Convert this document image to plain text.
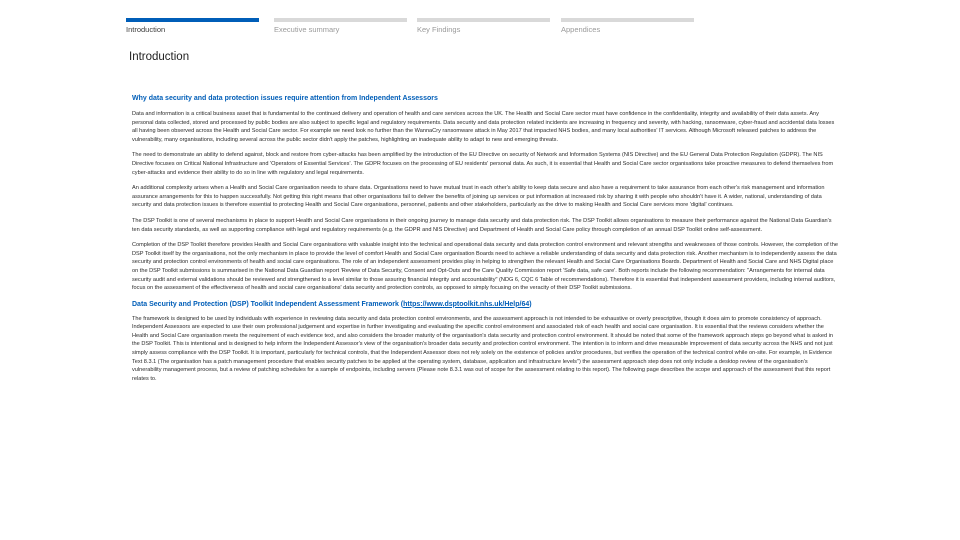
Introduction	Executive summary	Key Findings	Appendices
Introduction
Why data security and data protection issues require attention from Independent Assessors

Data and information is a critical business asset that is fundamental to the continued delivery and operation of health and care services across the UK. The Health and Social Care sector must have confidence in the confidentiality, integrity and availability of their data assets. Any personal data collected, stored and processed by public bodies are also subject to specific legal and regulatory requirements. Data security and data protection related incidents are increasing in frequency and severity, with hacking, ransomware, cyber-fraud and accidental data losses all having been observed across the Health and Social Care sector. For example we need look no further than the WannaCry ransomware attack in May 2017 that impacted NHS bodies, and many local authorities' IT services. Although Microsoft released patches to address the vulnerability, many organisations, including several across the public sector didn't apply the patches, highlighting an inadequate ability to adapt to new and emerging threats.

The need to demonstrate an ability to defend against, block and restore from cyber-attacks has been amplified by the introduction of the EU Directive on security of Network and Information Systems (NIS Directive) and the EU General Data Protection Regulation (GDPR). The NIS Directive focuses on Critical National Infrastructure and 'Operators of Essential Services'. The GDPR focuses on the processing of EU residents' personal data. As such, it is essential that Health and Social Care sector organisations take proactive measures to defend themselves from cyber-attacks and evidence their ability to do so in line with regulatory and legal requirements.

An additional complexity arises when a Health and Social Care organisation needs to share data. Organisations need to have mutual trust in each other's ability to keep data secure and also have a requirement to take assurance from each other's risk management and information assurance arrangements for this to happen successfully. Not getting this right means that other organisations fail to deliver the benefits of joining up services or put information at increased risk by sharing it with people who shouldn't have it. A wider, national, understanding of data security and data protection issues is therefore essential to protecting Health and Social Care organisations, personnel, patients and other stakeholders, particularly as the drive to making Health and Social Care services more 'digital' continues.

The DSP Toolkit is one of several mechanisms in place to support Health and Social Care organisations in their ongoing journey to manage data security and data protection risk. The DSP Toolkit allows organisations to measure their performance against the National Data Guardian's ten data security standards, as well as supporting compliance with legal and regulatory requirements (e.g. the GDPR and NIS Directive) and Department of Health and Social Care policy through completion of an annual DSP Toolkit online self-assessment.

Completion of the DSP Toolkit therefore provides Health and Social Care organisations with valuable insight into the technical and operational data security and data protection control environment and relevant strengths and weaknesses of those controls. However, the completion of the DSP Toolkit itself by the organisations, not the only mechanism in place to provide the level of comfort Health and Social Care organisation Boards need to achieve a reliable understanding of data security and data protection risk. Another mechanism is to independently assess the data security and protection control environments of health and social care organisations. The role of an independent assessment provides play in helping to strengthen the relevant Health and Social Care Organisations Boards. Department of Health and Social Care and NHS Digital place on the DSP Toolkit submissions is summarised in the National Data Guardian report 'Review of Data Security, Consent and Opt-Outs and the Care Quality Commission report 'Safe data, safe care'. Both reports include the following recommendation: "Arrangements for internal data security audit and external validations should be reviewed and strengthened to a level similar to those assuring financial integrity and accountability" (NDG 6, CQC 6 Table of recommendations). Therefore it is essential that independent assessment providers, including internal auditors, focus on the assessment of the effectiveness of health and social care organisations' data security and protection controls, as opposed to simply focusing on the veracity of their DSP Toolkit submissions.

Data Security and Protection (DSP) Toolkit Independent Assessment Framework (https://www.dsptoolkit.nhs.uk/Help/64)

The framework is designed to be used by individuals with experience in reviewing data security and data protection control environments, and the assessment approach is not intended to be exhaustive or overly prescriptive, though it does aim to promote consistency of approach. Independent Assessors are expected to use their own professional judgement and expertise in further investigating and evaluating the specific control environment and associated risk of each health and social care organisation. It is essential that the reviews considers whether the Health and Social Care organisation meets the requirement of each evidence text, and also considers the broader maturity of the organisation's data security and protection control environment. It should be noted that some of the framework approach steps go beyond what is asked in the DSP Toolkit. This is intentional and is designed to help inform the Independent Assessor's view of the organisation's broader data security and protection control environment. The intention is to inform and drive measurable improvement of data security across the NHS and not just simply assess compliance with the DSP Toolkit. It is important, particularly for technical controls, that the Independent Assessor does not rely solely on the existence of policies and/or procedures, but verifies the operation of the technical control while on-site. For example, in Evidence Text 8.3.1 (The organisation has a patch management procedure that enables security patches to be applied at the operating system, database, application and infrastructure levels") the assessment approach step does not only include a desktop review of the organisation's vulnerability management process, but a review of patching schedules for a sample of endpoints, including servers (Please note 8.3.1 was out of scope for the assessment relating to this report). The following page describes the scope and approach of the assessment that this report relates to.
